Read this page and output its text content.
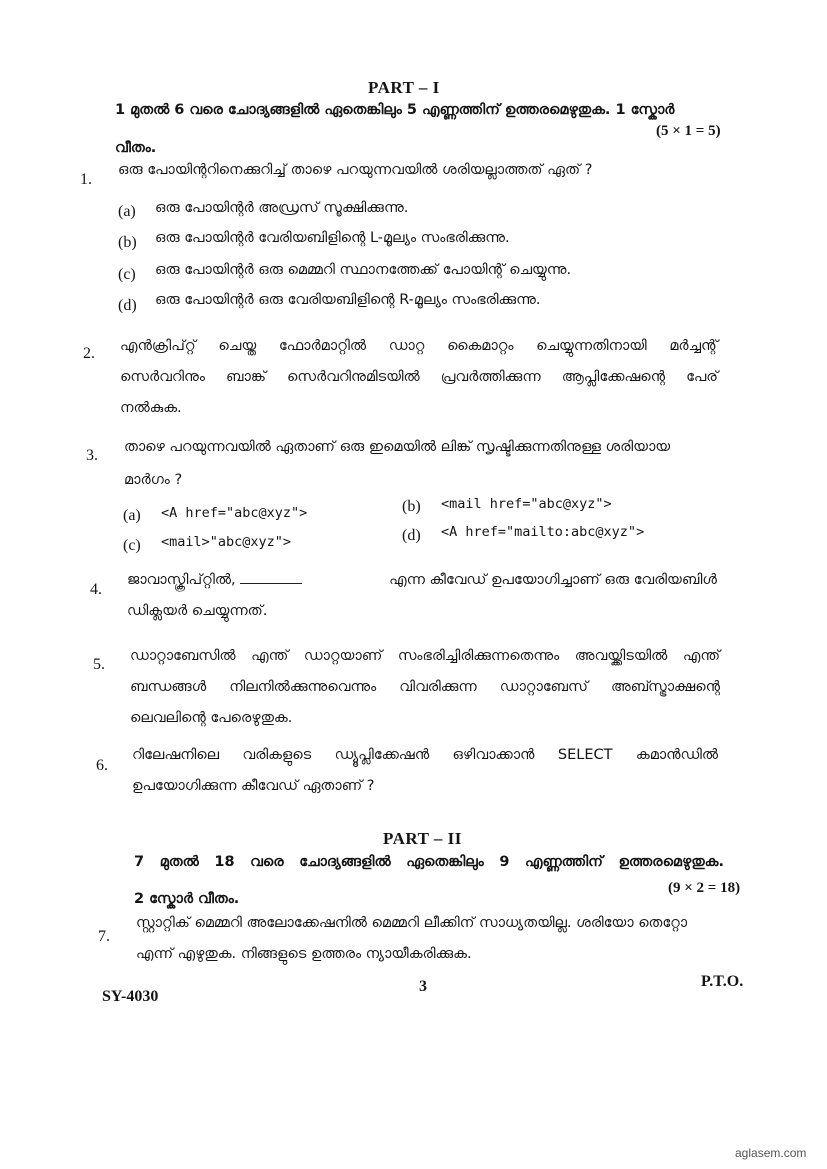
PART – I
1 മുതൽ 6 വരെ ചോദ്യങ്ങളിൽ ഏതെങ്കിലും 5 എണ്ണത്തിന് ഉത്തരമെഴുതുക. 1 സ്കോർ
(5 × 1 = 5)
വീതം.
1.
ഒരു പോയിന്ററിനെക്കുറിച്ച് താഴെ പറയുന്നവയിൽ ശരിയല്ലാത്തത് ഏത് ?
(a) ഒരു പോയിന്റർ അഡ്രസ് സൂക്ഷിക്കുന്നു.
(b) ഒരു പോയിന്റർ വേരിയബിളിന്റെ L-മൂല്യം സംഭരിക്കുന്നു.
(c) ഒരു പോയിന്റർ ഒരു മെമ്മറി സ്ഥാനത്തേക്ക് പോയിന്റ് ചെയ്യുന്നു.
(d) ഒരു പോയിന്റർ ഒരു വേരിയബിളിന്റെ R-മൂല്യം സംഭരിക്കുന്നു.
2. എൻക്രിപ്റ്റ് ചെയ്ത ഫോർമാറ്റിൽ ഡാറ്റ കൈമാറ്റം ചെയ്യുന്നതിനായി മർച്ചന്റ്
സെർവറിനും ബാങ്ക് സെർവറിനുമിടയിൽ പ്രവർത്തിക്കുന്ന ആപ്ലിക്കേഷന്റെ പേര്
നൽകുക.
3. താഴെ പറയുന്നവയിൽ ഏതാണ് ഒരു ഇമെയിൽ ലിങ്ക് സൃഷ്ടിക്കുന്നതിനുള്ള ശരിയായ
മാർഗം ?
(a) <A href="abc@xyz">	(b) <mail href="abc@xyz">
(c) <mail>"abc@xyz">	(d) <A href="mailto:abc@xyz">
4.
ജാവാസ്ക്രിപ്റ്റിൽ,	എന്ന കീവേഡ് ഉപയോഗിച്ചാണ് ഒരു വേരിയബിൾ
ഡിക്ലയർ ചെയ്യുന്നത്.
5. ഡാറ്റാബേസിൽ എന്ത് ഡാറ്റയാണ് സംഭരിച്ചിരിക്കുന്നതെന്നും അവയ്ക്കിടയിൽ എന്ത്
ബന്ധങ്ങൾ നിലനിൽക്കുന്നുവെന്നും വിവരിക്കുന്ന ഡാറ്റാബേസ് അബ്സ്ട്രാക്ഷന്റെ
ലെവലിന്റെ പേരെഴുതുക.
6.
റിലേഷനിലെ വരികളുടെ ഡ്യൂപ്ലിക്കേഷൻ ഒഴിവാക്കാൻ SELECT കമാൻഡിൽ
ഉപയോഗിക്കുന്ന കീവേഡ് ഏതാണ് ?
PART – II
7 മുതൽ 18 വരെ ചോദ്യങ്ങളിൽ ഏതെങ്കിലും 9 എണ്ണത്തിന് ഉത്തരമെഴുതുക.
(9 × 2 = 18)
2 സ്കോർ വീതം.
7.
സ്റ്റാറ്റിക് മെമ്മറി അലോക്കേഷനിൽ മെമ്മറി ലീക്കിന് സാധ്യതയില്ല. ശരിയോ തെറ്റോ
എന്ന് എഴുതുക. നിങ്ങളുടെ ഉത്തരം ന്യായീകരിക്കുക.
SY-4030
3	P.T.O.
aglasem.com
